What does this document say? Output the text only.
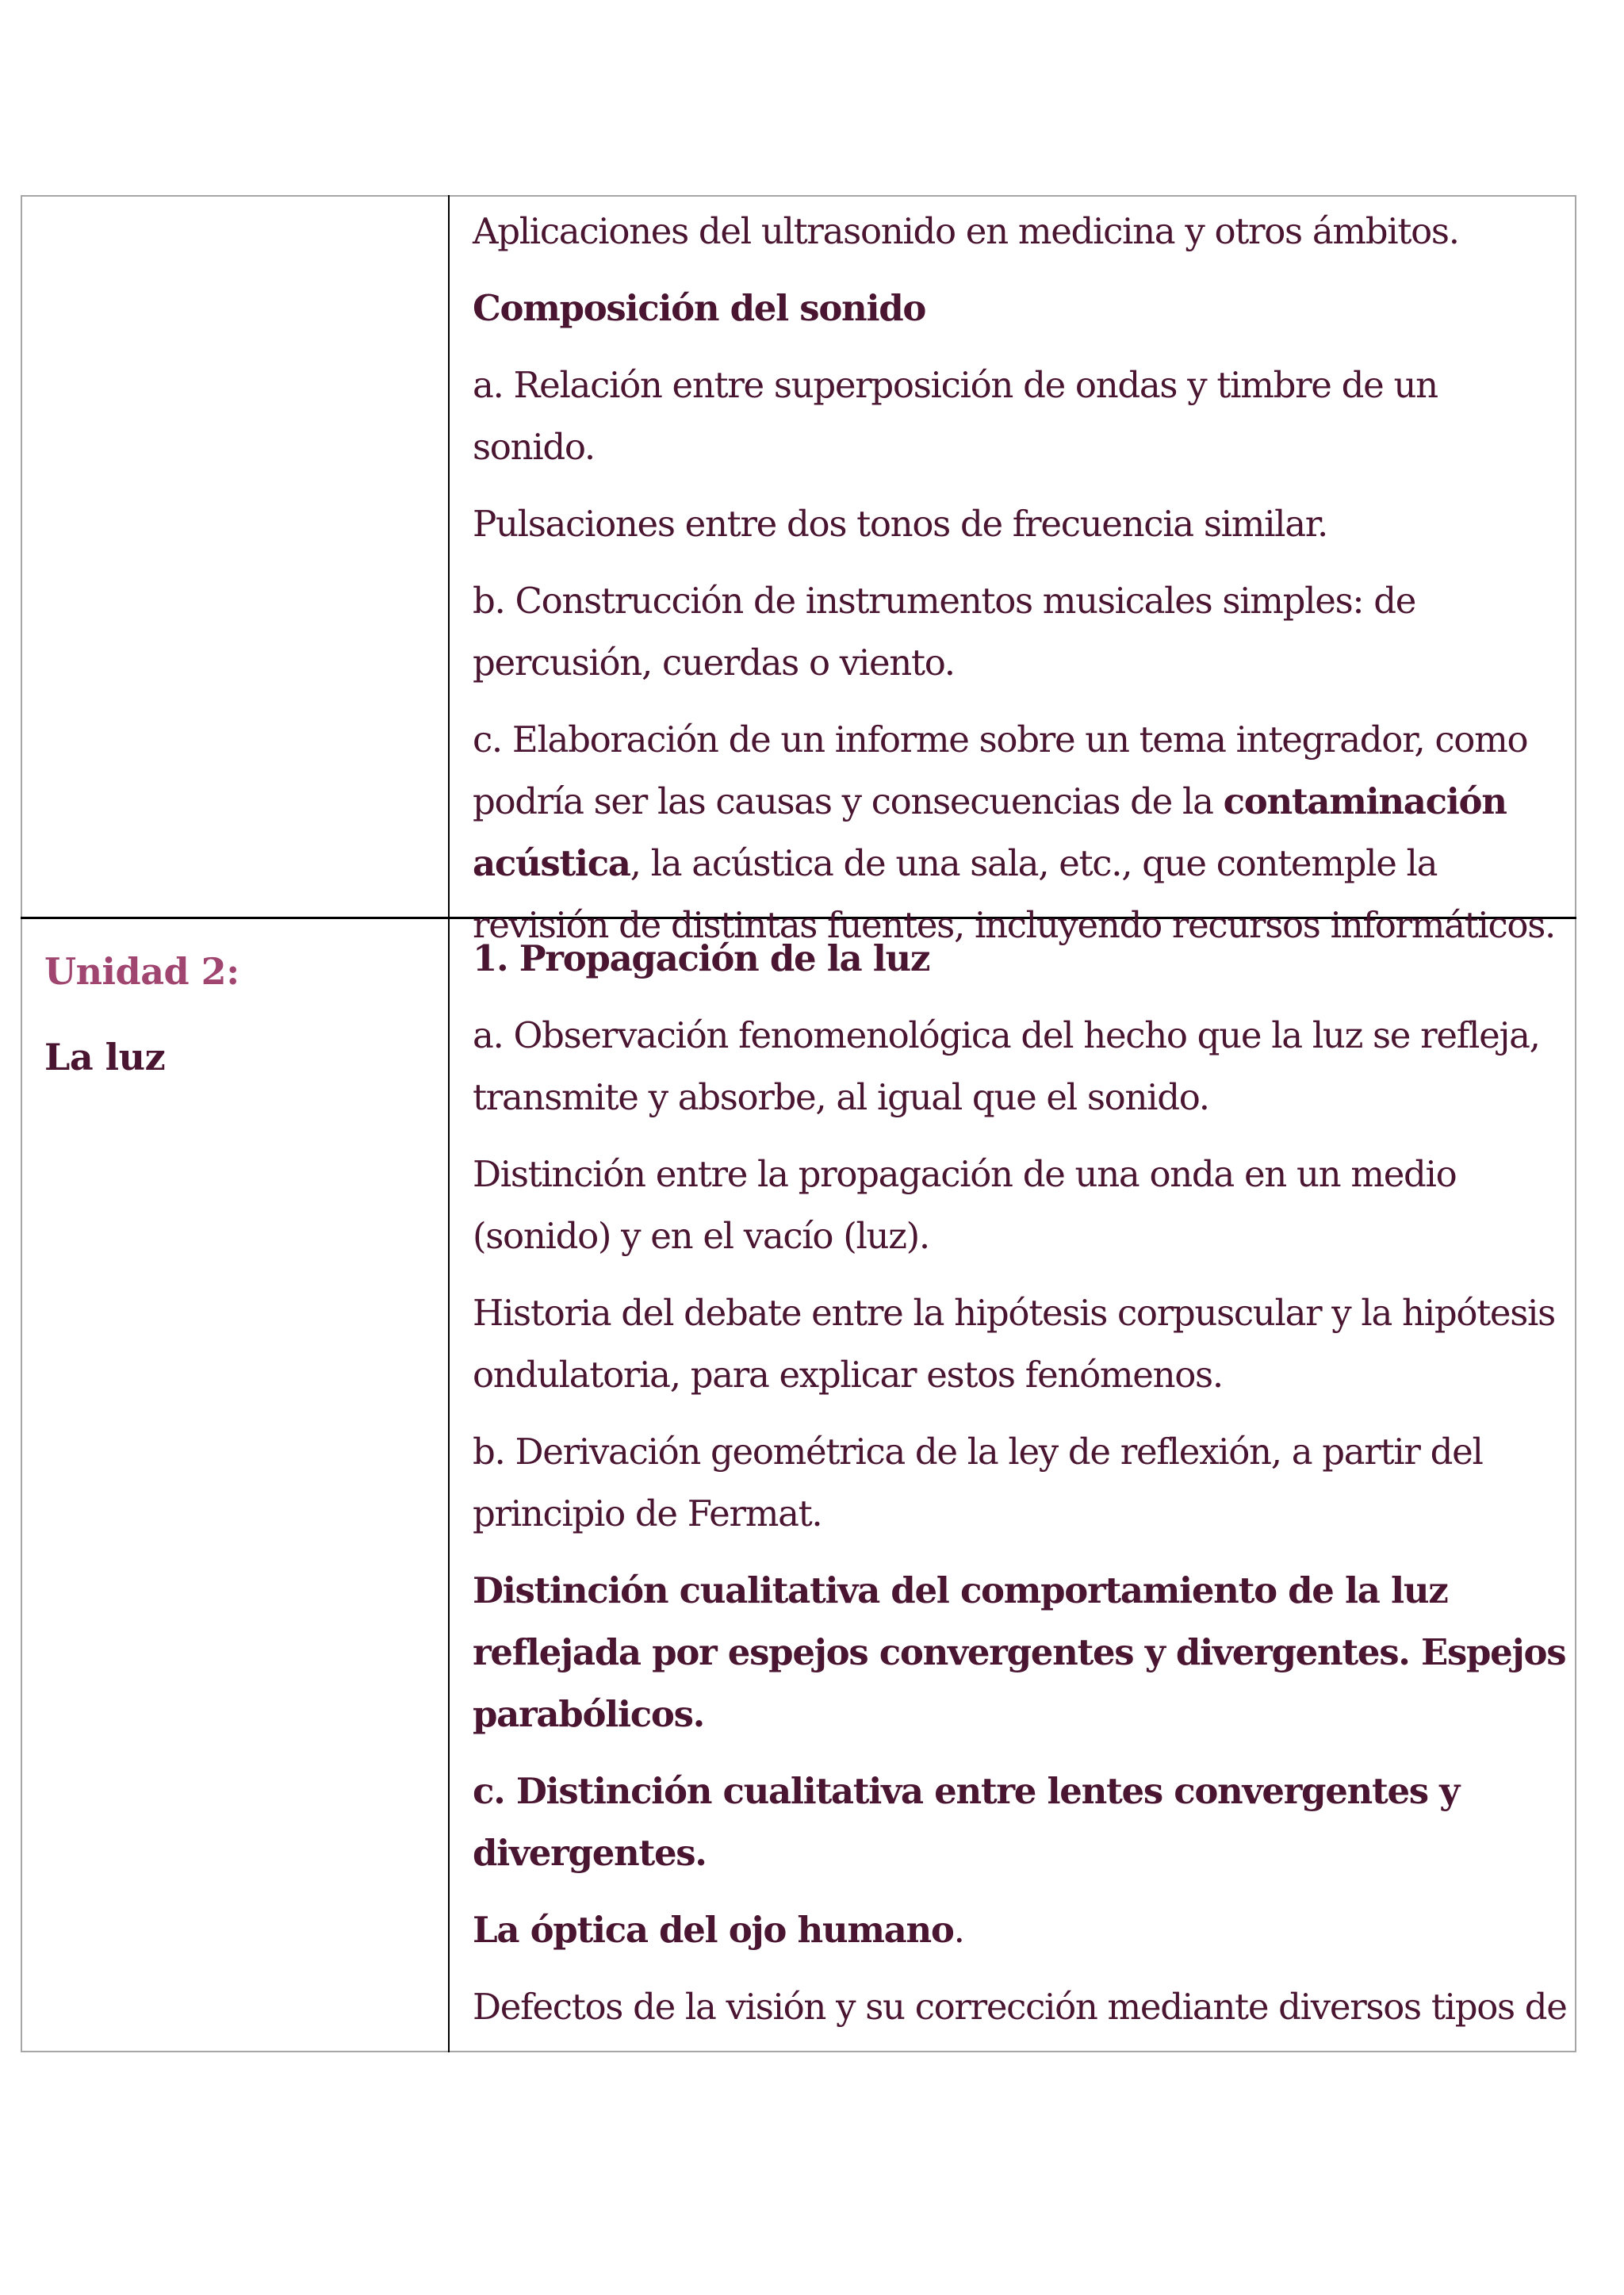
Aplicaciones del ultrasonido en medicina y otros ámbitos.

Composición del sonido

a. Relación entre superposición de ondas y timbre de un sonido.

Pulsaciones entre dos tonos de frecuencia similar.

b. Construcción de instrumentos musicales simples: de percusión, cuerdas o viento.

c. Elaboración de un informe sobre un tema integrador, como podría ser las causas y consecuencias de la contaminación acústica, la acústica de una sala, etc., que contemple la revisión de distintas fuentes, incluyendo recursos informáticos.

Unidad 2:

La luz

1. Propagación de la luz

a. Observación fenomenológica del hecho que la luz se refleja, transmite y absorbe, al igual que el sonido.

Distinción entre la propagación de una onda en un medio (sonido) y en el vacío (luz).

Historia del debate entre la hipótesis corpuscular y la hipótesis ondulatoria, para explicar estos fenómenos.

b. Derivación geométrica de la ley de reflexión, a partir del principio de Fermat.

Distinción cualitativa del comportamiento de la luz reflejada por espejos convergentes y divergentes. Espejos parabólicos.

c. Distinción cualitativa entre lentes convergentes y divergentes.

La óptica del ojo humano.

Defectos de la visión y su corrección mediante diversos tipos de
